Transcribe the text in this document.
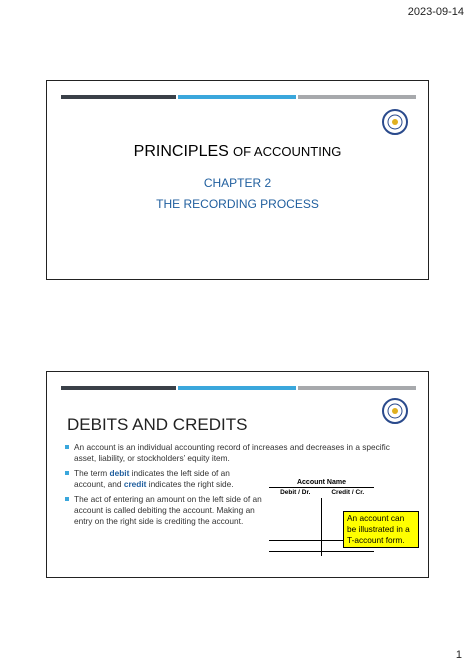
2023-09-14
PRINCIPLES OF ACCOUNTING
CHAPTER 2
THE RECORDING PROCESS
DEBITS AND CREDITS
An account is an individual accounting record of increases and decreases in a specific asset, liability, or stockholders’ equity item.
The term debit indicates the left side of an account, and credit indicates the right side.
The act of entering an amount on the left side of an account is called debiting the account. Making an entry on the right side is crediting the account.
Account Name
Debit / Dr.	Credit / Cr.
An account can be illustrated in a T-account form.
1
